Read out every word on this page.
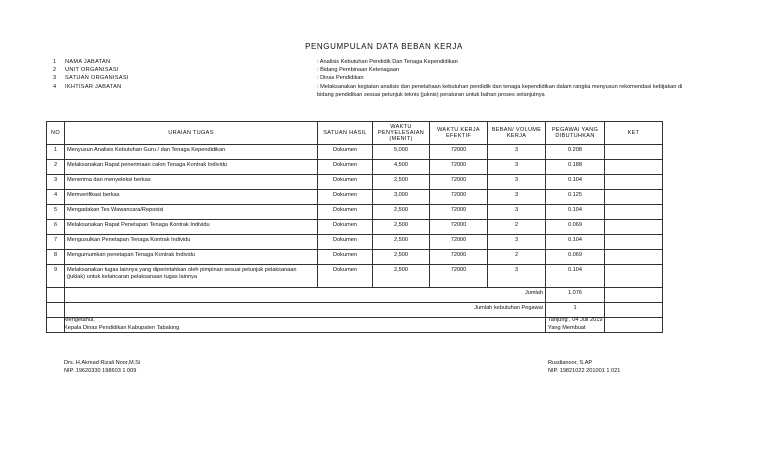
PENGUMPULAN DATA BEBAN KERJA
1	NAMA JABATAN	: Analisis Kebutuhan Pendidik Dan Tenaga Kependidikan
2	UNIT ORGANISASI	: Bidang Pembinaan Ketenagaan
3	SATUAN ORGANISASI	: Dinas Pendidikan
4	IKHTISAR JABATAN	: Melaksanakan kegiatan analisis dan penelahaan kebutuhan pendidik dan tenaga kependidikan dalam rangka menyusun rekomendasi kebijakan di bidang pendidikan sesuai petunjuk teknis (juknis) peraturan untuk bahan proses selanjutnya
NO	URAIAN TUGAS	SATUAN HASIL	WAKTU PENYELESAIAN (MENIT)	WAKTU KERJA EFEKTIF	BEBAN/ VOLUME KERJA	PEGAWAI YANG DIBUTUHKAN	KET
1	Menyusun Analisis Kebutuhan Guru / dan Tenaga Kependidikan	Dokumen	5,000	72000	3	0.208	
2	Melaksanakan Rapat penerimaan calon Tenaga Kontrak Individu	Dokumen	4,500	72000	3	0.188	
3	Menerima dan menyeleksi berkas	Dokumen	2,500	72000	3	0.104	
4	Memverifikasi berkas	Dokumen	3,000	72000	3	0.125	
5	Mengadakan Tes Wawancara/Reposisi	Dokumen	2,500	72000	3	0.104	
6	Melaksanakan Rapat Penetapan Tenaga Kontrak Individu	Dokumen	2,500	72000	2	0.069	
7	Mengusulkan Penetapan Tenaga Kontrak Individu	Dokumen	2,500	72000	3	0.104	
8	Mengumumkan penetapan Tenaga Kontrak Individu	Dokumen	2,500	72000	2	0.069	
9	Melaksanakan tugas lainnya yang diperintahkan oleh pimpinan sesuai petunjuk pelaksanaan (juklak) untuk kelancaran pelaksanaan tugas lainnya	Dokumen	2,500	72000	3	0.104	
	Jumlah					1.076	
	Jumlah kebutuhan Pegawai					1	

Mengetahui,
Kepala Dinas Pendidikan Kabupaten Tabalong
Drs. H.Akmad Rizali Noor,M.Si
NIP. 19620330 198603 1 009
Tanjung , 04 Juli 2019
Yang Membuat
Rusdianoor, S.AP
NIP. 19821022 201001 1 021
